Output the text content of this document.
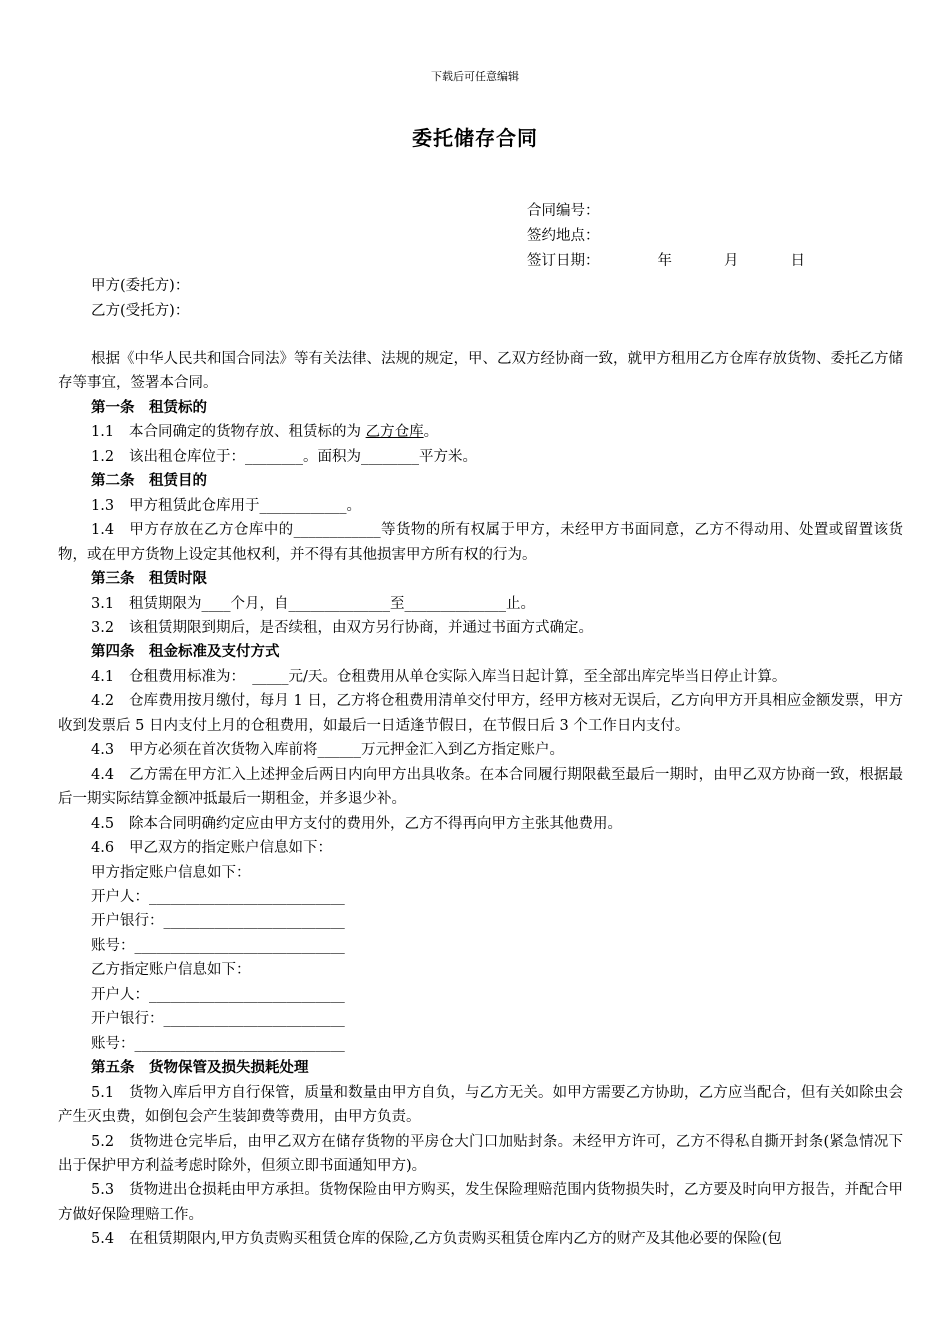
下载后可任意编辑
委托储存合同
合同编号：
签约地点：
签订日期：	年	月	日
甲方(委托方)：
乙方(受托方)：

根据《中华人民共和国合同法》等有关法律、法规的规定，甲、乙双方经协商一致，就甲方租用乙方仓库存放货物、委托乙方储存等事宜，签署本合同。

第一条　租赁标的

1.1 本合同确定的货物存放、租赁标的为 乙方仓库。

1.2 该出租仓库位于：________。面积为________平方米。

第二条　租赁目的

1.3 甲方租赁此仓库用于____________。

1.4 甲方存放在乙方仓库中的____________等货物的所有权属于甲方，未经甲方书面同意，乙方不得动用、处置或留置该货物，或在甲方货物上设定其他权利，并不得有其他损害甲方所有权的行为。

第三条　租赁时限

3.1 租赁期限为____个月，自______________至______________止。

3.2 该租赁期限到期后，是否续租，由双方另行协商，并通过书面方式确定。

第四条　租金标准及支付方式

4.1 仓租费用标准为：　_____元/天。仓租费用从单仓实际入库当日起计算，至全部出库完毕当日停止计算。

4.2 仓库费用按月缴付，每月 1 日，乙方将仓租费用清单交付甲方，经甲方核对无误后，乙方向甲方开具相应金额发票，甲方收到发票后 5 日内支付上月的仓租费用，如最后一日适逢节假日，在节假日后 3 个工作日内支付。

4.3 甲方必须在首次货物入库前将______万元押金汇入到乙方指定账户。

4.4 乙方需在甲方汇入上述押金后两日内向甲方出具收条。在本合同履行期限截至最后一期时，由甲乙双方协商一致，根据最后一期实际结算金额冲抵最后一期租金，并多退少补。

4.5 除本合同明确约定应由甲方支付的费用外，乙方不得再向甲方主张其他费用。

4.6 甲乙双方的指定账户信息如下：

甲方指定账户信息如下：

开户人：___________________________

开户银行：_________________________

账号：_____________________________

乙方指定账户信息如下：

开户人：___________________________

开户银行：_________________________

账号：_____________________________

第五条　货物保管及损失损耗处理

5.1 货物入库后甲方自行保管，质量和数量由甲方自负，与乙方无关。如甲方需要乙方协助，乙方应当配合，但有关如除虫会产生灭虫费，如倒包会产生装卸费等费用，由甲方负责。

5.2 货物进仓完毕后，由甲乙双方在储存货物的平房仓大门口加贴封条。未经甲方许可，乙方不得私自撕开封条(紧急情况下出于保护甲方利益考虑时除外，但须立即书面通知甲方)。

5.3 货物进出仓损耗由甲方承担。货物保险由甲方购买，发生保险理赔范围内货物损失时，乙方要及时向甲方报告，并配合甲方做好保险理赔工作。

5.4 在租赁期限内,甲方负责购买租赁仓库的保险,乙方负责购买租赁仓库内乙方的财产及其他必要的保险(包
